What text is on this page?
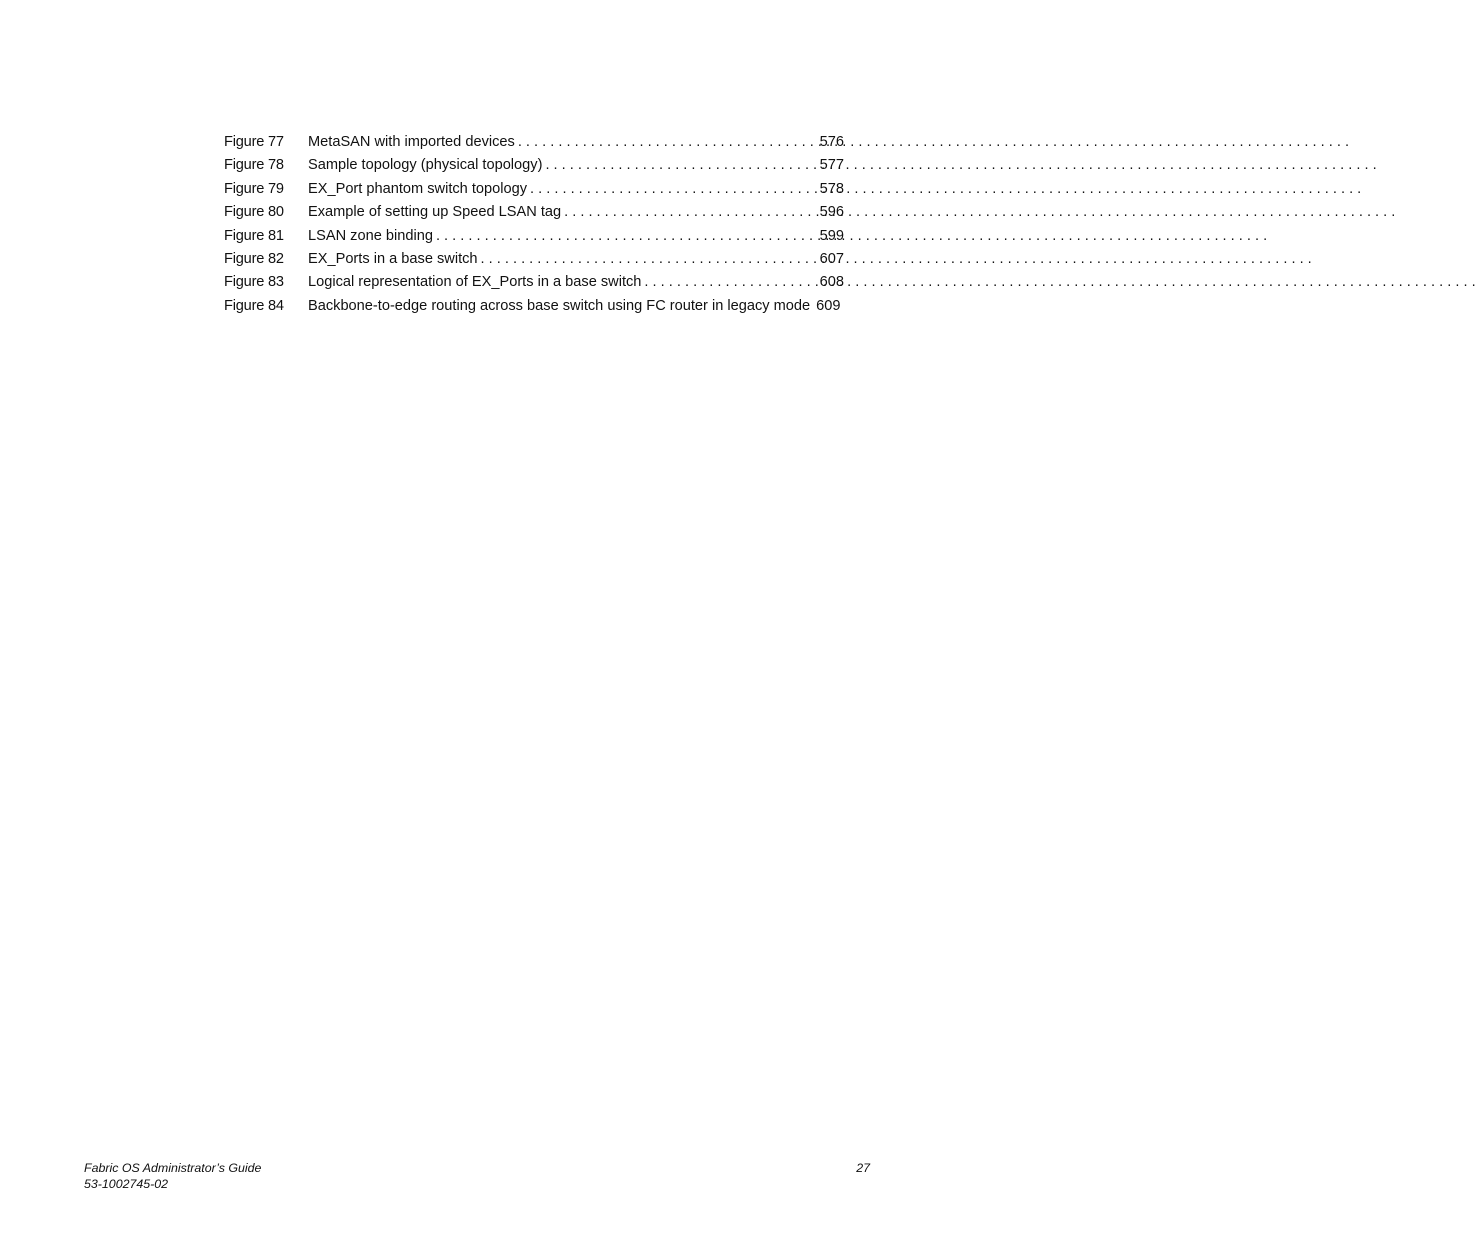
Figure 77	MetaSAN with imported devices . . .	576
Figure 78	Sample topology (physical topology) . . .	577
Figure 79	EX_Port phantom switch topology . . .	578
Figure 80	Example of setting up Speed LSAN tag . . .	596
Figure 81	LSAN zone binding . . .	599
Figure 82	EX_Ports in a base switch . . .	607
Figure 83	Logical representation of EX_Ports in a base switch . . .	608
Figure 84	Backbone-to-edge routing across base switch using FC router in legacy mode 609
Fabric OS Administrator’s Guide
53-1002745-02
27
